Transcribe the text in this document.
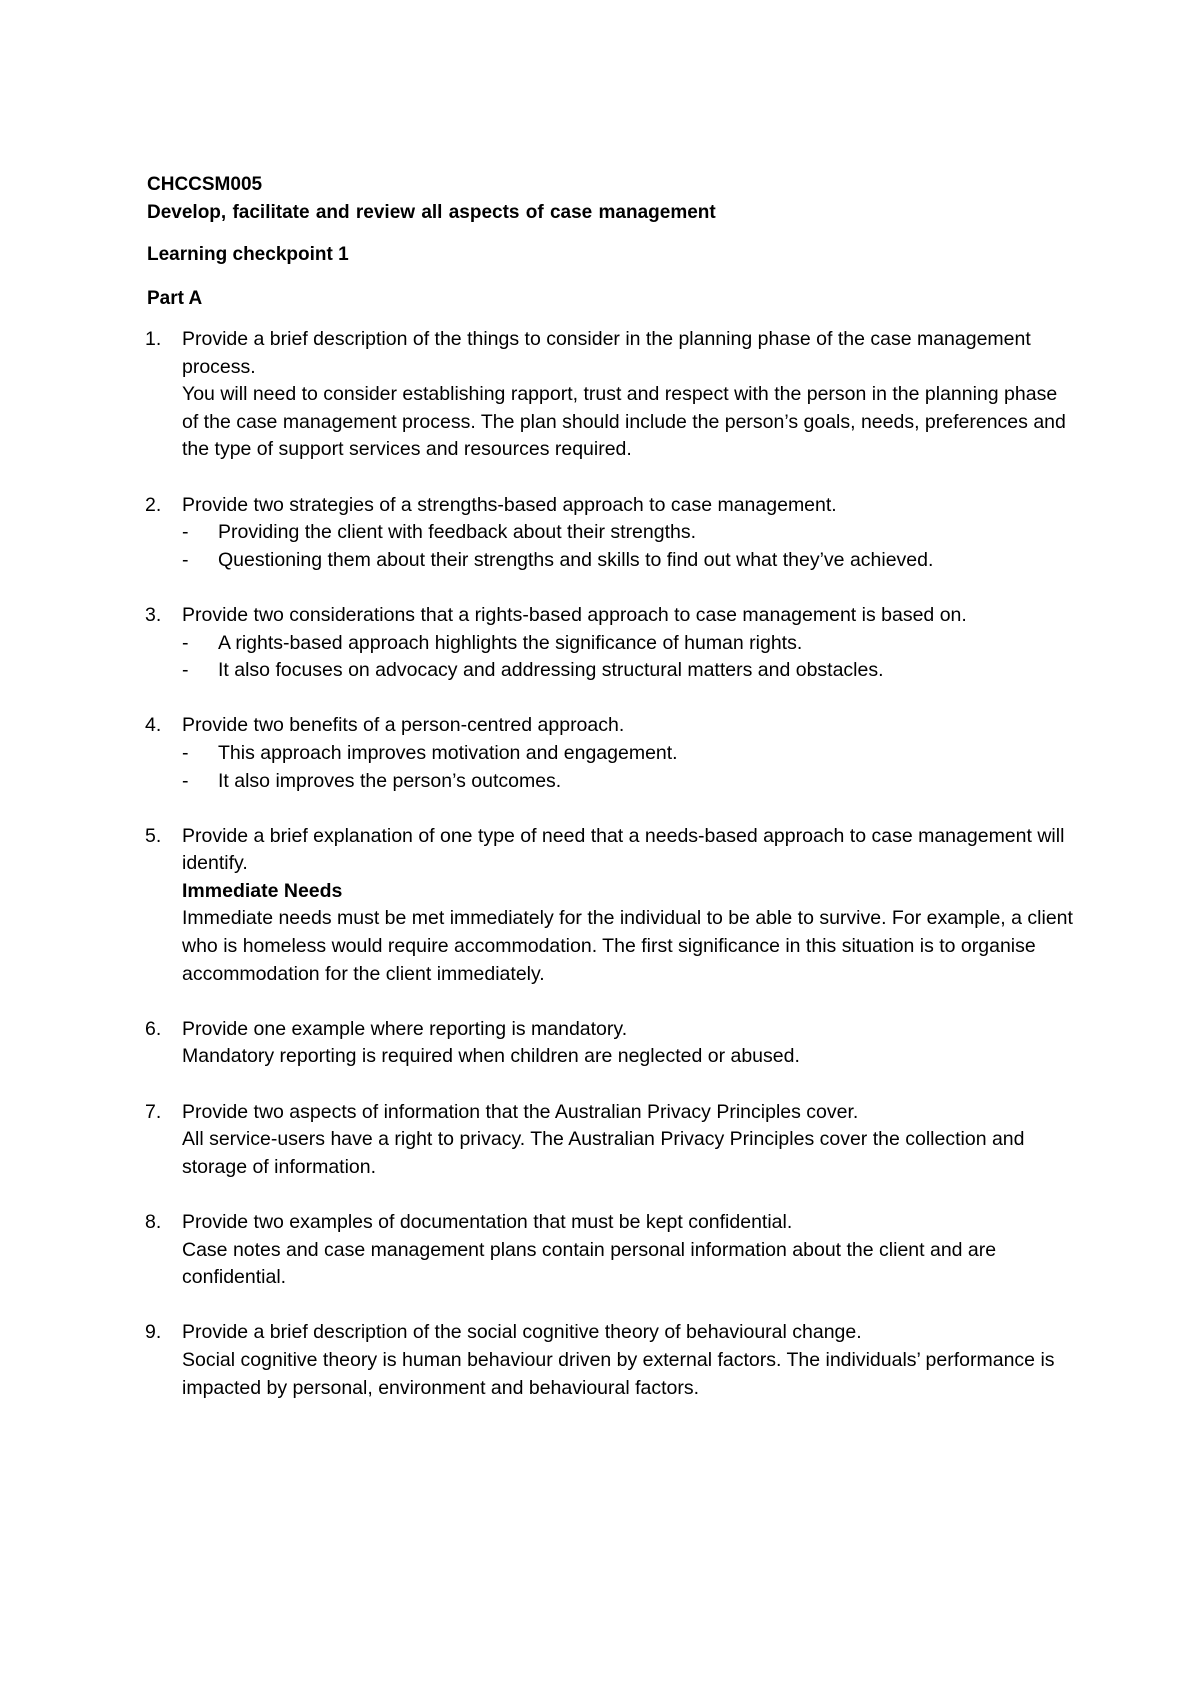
CHCCSM005

Develop, facilitate and review all aspects of case management

Learning checkpoint 1

Part A

1. Provide a brief description of the things to consider in the planning phase of the case management process.

You will need to consider establishing rapport, trust and respect with the person in the planning phase of the case management process. The plan should include the person’s goals, needs, preferences and the type of support services and resources required.

2. Provide two strategies of a strengths-based approach to case management.

- Providing the client with feedback about their strengths.
- Questioning them about their strengths and skills to find out what they’ve achieved.
3. Provide two considerations that a rights-based approach to case management is based on.

- A rights-based approach highlights the significance of human rights.
- It also focuses on advocacy and addressing structural matters and obstacles.
4. Provide two benefits of a person-centred approach.

- This approach improves motivation and engagement.
- It also improves the person’s outcomes.
5. Provide a brief explanation of one type of need that a needs-based approach to case management will identify.

Immediate Needs

Immediate needs must be met immediately for the individual to be able to survive. For example, a client who is homeless would require accommodation. The first significance in this situation is to organise accommodation for the client immediately.

6. Provide one example where reporting is mandatory.

Mandatory reporting is required when children are neglected or abused.

7. Provide two aspects of information that the Australian Privacy Principles cover.

All service-users have a right to privacy. The Australian Privacy Principles cover the collection and storage of information.

8. Provide two examples of documentation that must be kept confidential.

Case notes and case management plans contain personal information about the client and are confidential.

9. Provide a brief description of the social cognitive theory of behavioural change.

Social cognitive theory is human behaviour driven by external factors. The individuals’ performance is impacted by personal, environment and behavioural factors.
